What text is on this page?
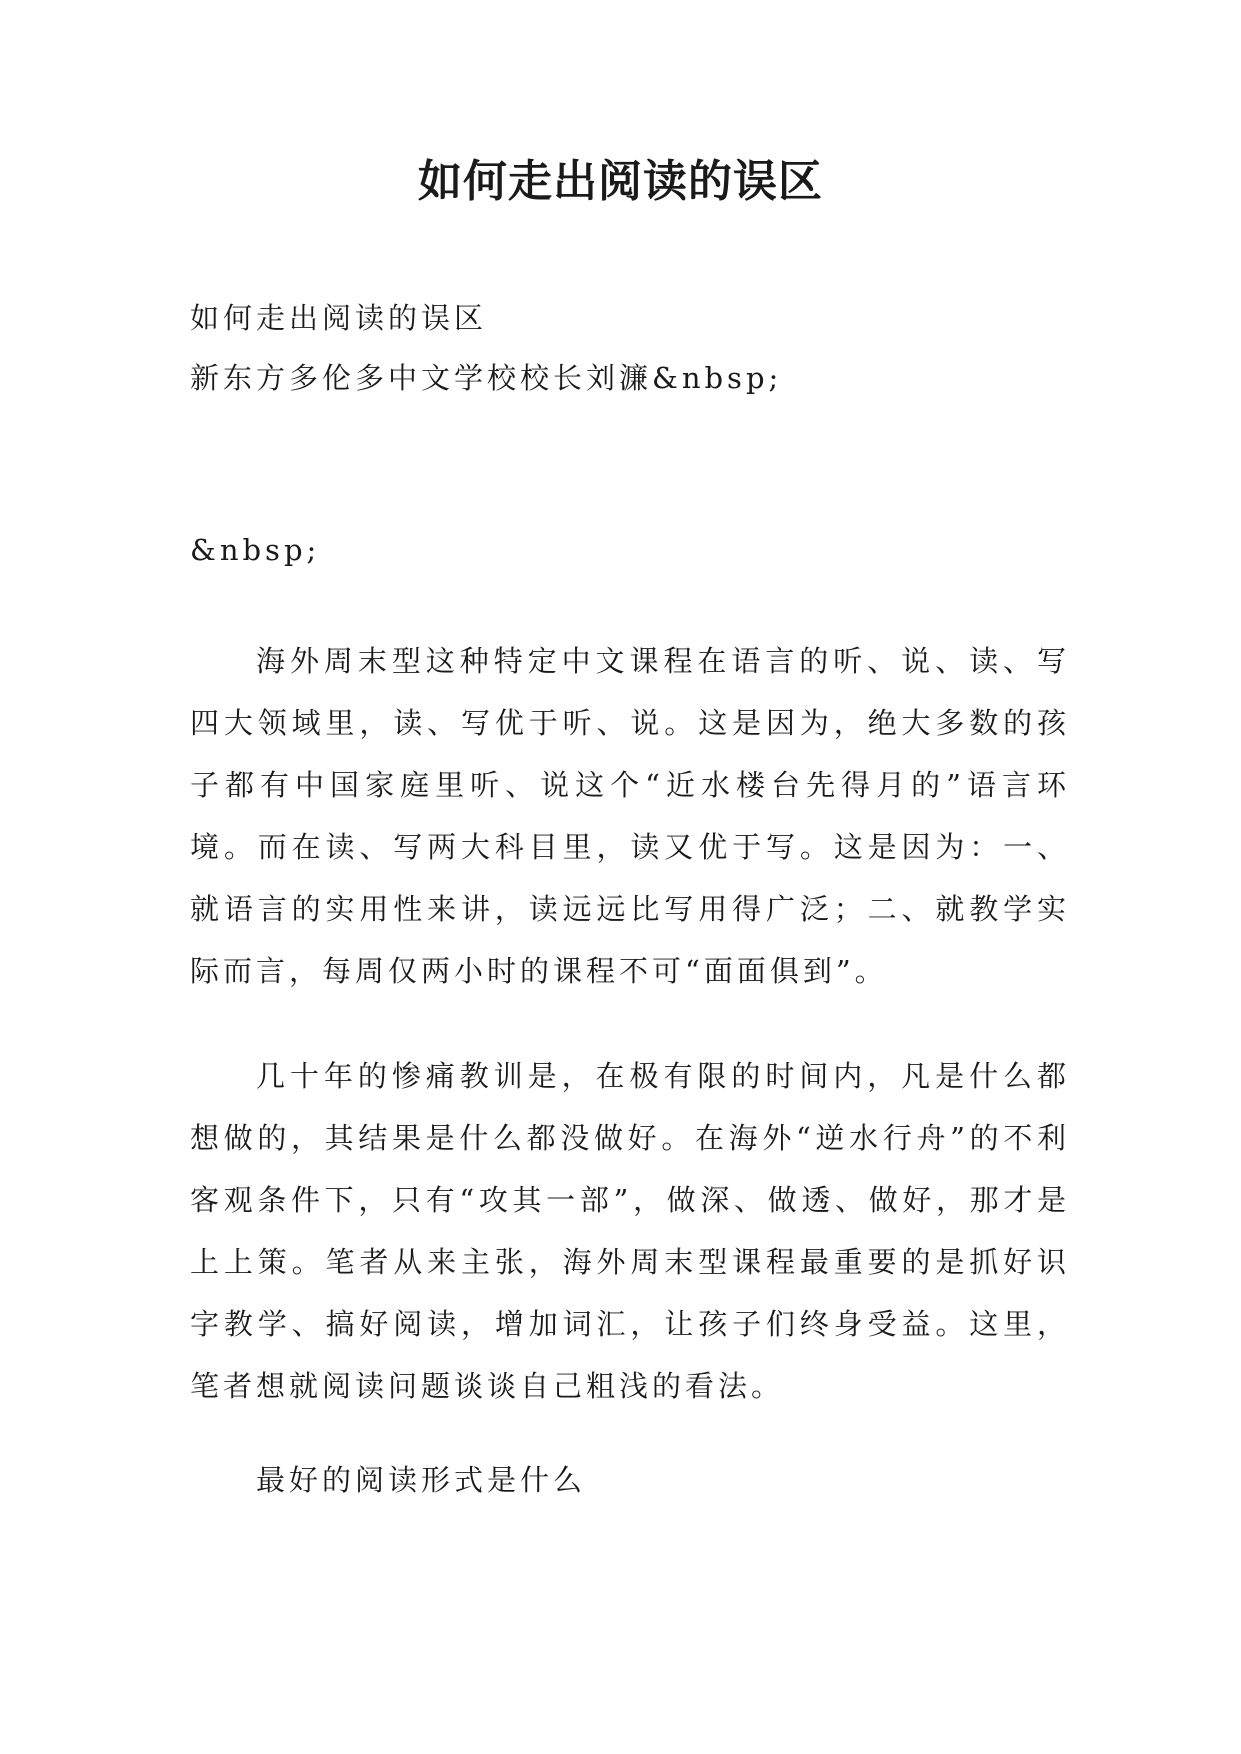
如何走出阅读的误区

如何走出阅读的误区

新东方多伦多中文学校校长刘濂&nbsp;

&nbsp;

海外周末型这种特定中文课程在语言的听、说、读、写四大领域里，读、写优于听、说。这是因为，绝大多数的孩子都有中国家庭里听、说这个“近水楼台先得月的”语言环境。而在读、写两大科目里，读又优于写。这是因为：一、就语言的实用性来讲，读远远比写用得广泛；二、就教学实际而言，每周仅两小时的课程不可“面面俱到”。

几十年的惨痛教训是，在极有限的时间内，凡是什么都想做的，其结果是什么都没做好。在海外“逆水行舟”的不利客观条件下，只有“攻其一部”，做深、做透、做好，那才是上上策。笔者从来主张，海外周末型课程最重要的是抓好识字教学、搞好阅读，增加词汇，让孩子们终身受益。这里，笔者想就阅读问题谈谈自己粗浅的看法。

最好的阅读形式是什么
